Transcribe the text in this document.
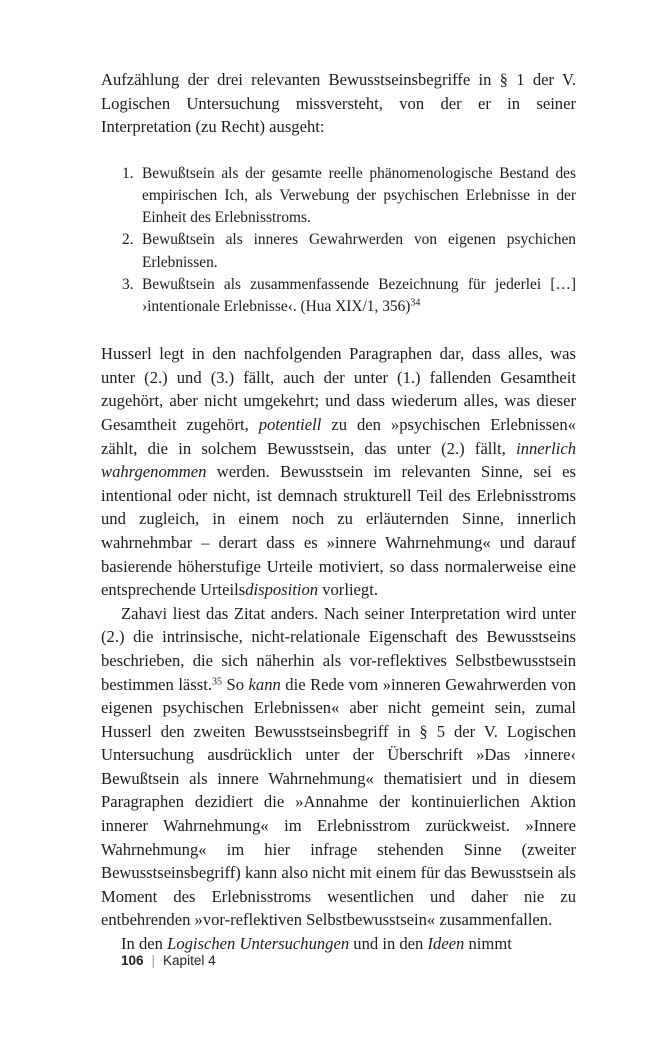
Aufzählung der drei relevanten Bewusstseinsbegriffe in § 1 der V. Logischen Untersuchung missversteht, von der er in seiner Interpretation (zu Recht) ausgeht:

1. Bewußtsein als der gesamte reelle phänomenologische Bestand des empirischen Ich, als Verwebung der psychischen Erlebnisse in der Einheit des Erlebnisstroms.
2. Bewußtsein als inneres Gewahrwerden von eigenen psychichen Erlebnissen.
3. Bewußtsein als zusammenfassende Bezeichnung für jederlei […] ›intentionale Erlebnisse‹. (Hua XIX/1, 356)$^{34}$

Husserl legt in den nachfolgenden Paragraphen dar, dass alles, was unter (2.) und (3.) fällt, auch der unter (1.) fallenden Gesamtheit zugehört, aber nicht umgekehrt; und dass wiederum alles, was dieser Gesamtheit zugehört, potentiell zu den »psychischen Erlebnissen« zählt, die in solchem Bewusstsein, das unter (2.) fällt, innerlich wahrgenommen werden. Bewusstsein im relevanten Sinne, sei es intentional oder nicht, ist demnach strukturell Teil des Erlebnisstroms und zugleich, in einem noch zu erläuternden Sinne, innerlich wahrnehmbar – derart dass es »innere Wahrnehmung« und darauf basierende höherstufige Urteile motiviert, so dass normalerweise eine entsprechende Urteilsdisposition vorliegt.

Zahavi liest das Zitat anders. Nach seiner Interpretation wird unter (2.) die intrinsische, nicht-relationale Eigenschaft des Bewusstseins beschrieben, die sich näherhin als vor-reflektives Selbstbewusstsein bestimmen lässt.$^{35}$ So kann die Rede vom »inneren Gewahrwerden von eigenen psychischen Erlebnissen« aber nicht gemeint sein, zumal Husserl den zweiten Bewusstseinsbegriff in § 5 der V. Logischen Untersuchung ausdrücklich unter der Überschrift »Das ›innere‹ Bewußtsein als innere Wahrnehmung« thematisiert und in diesem Paragraphen dezidiert die »Annahme der kontinuierlichen Aktion innerer Wahrnehmung« im Erlebnisstrom zurückweist. »Innere Wahrnehmung« im hier infrage stehenden Sinne (zweiter Bewusstseinsbegriff) kann also nicht mit einem für das Bewusstsein als Moment des Erlebnisstroms wesentlichen und daher nie zu entbehrenden »vor-reflektiven Selbstbewusstsein« zusammenfallen.

In den Logischen Untersuchungen und in den Ideen nimmt

106 | Kapitel 4
